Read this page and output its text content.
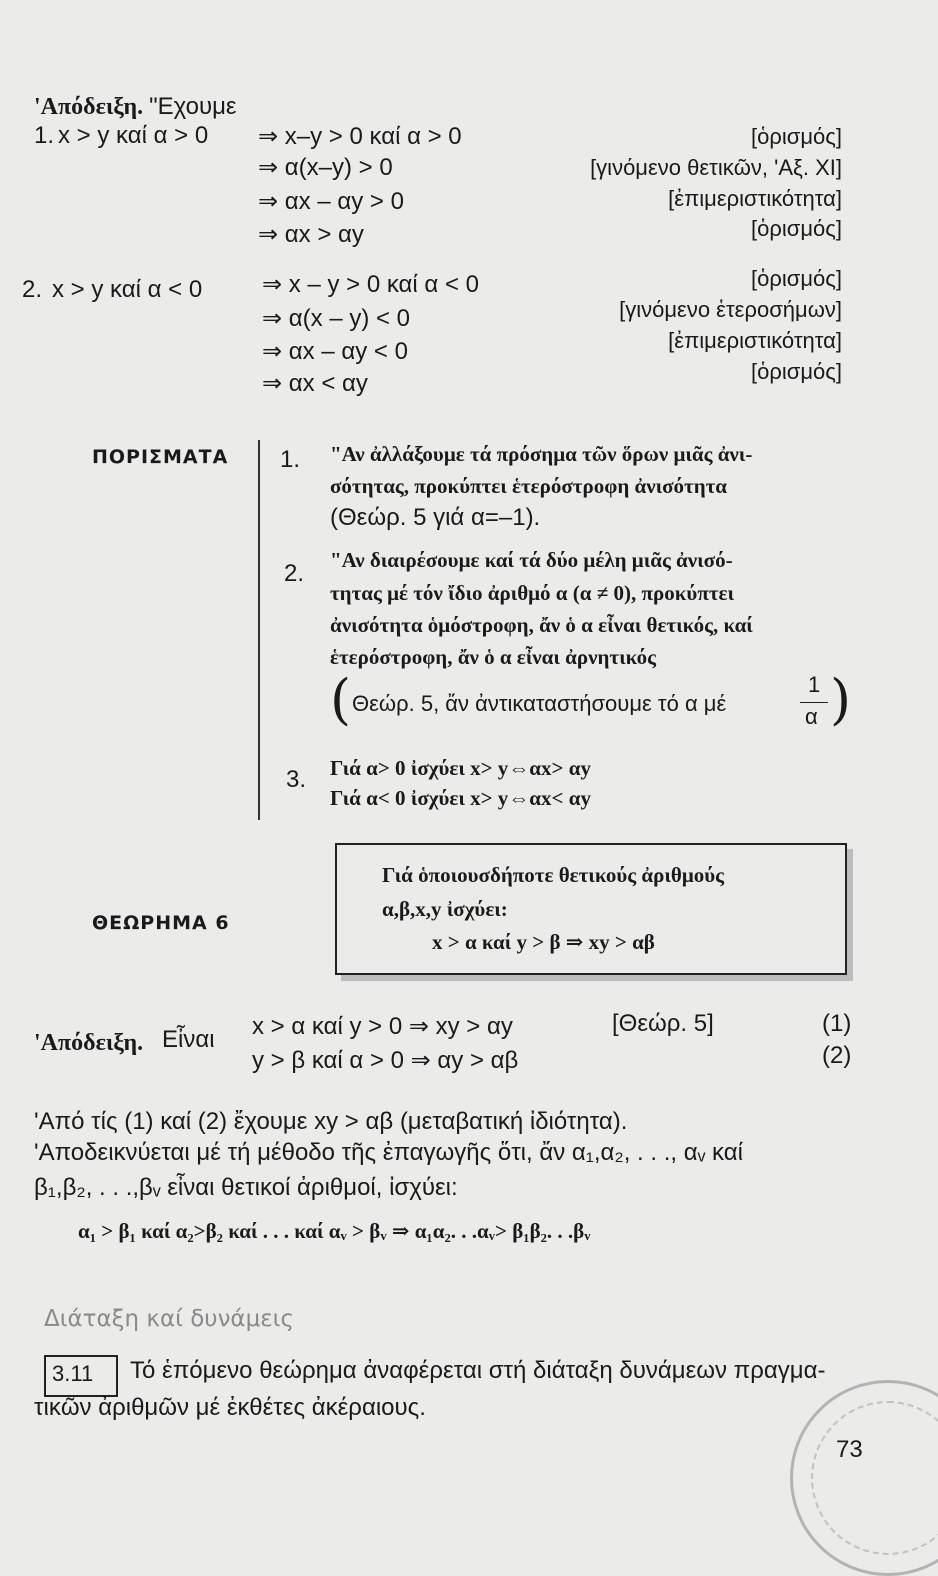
'Απόδειξη. "Εχουμε
1. x > y καί α > 0 ⇒ x–y > 0 καί α > 0	[ὁρισμός]
⇒ α(x–y) > 0	[γινόμενο θετικῶν, 'Αξ. XI]
⇒ αx – αy > 0	[ἐπιμεριστικότητα]
⇒ αx > αy	[ὁρισμός]
2. x > y καί α < 0 ⇒ x – y > 0 καί α < 0	[ὁρισμός]
⇒ α(x – y) < 0	[γινόμενο ἑτεροσήμων]
⇒ αx – αy < 0	[ἐπιμεριστικότητα]
⇒ αx < αy	[ὁρισμός]
ΠΟΡΙΣΜΑΤΑ 1. "Αν ἀλλάξουμε τά πρόσημα τῶν ὅρων μιᾶς ἀνι-
σότητας, προκύπτει ἑτερόστροφη ἀνισότητα
(Θεώρ. 5 γιά α=–1).
2. "Αν διαιρέσουμε καί τά δύο μέλη μιᾶς ἀνισό-
τητας μέ τόν ἴδιο ἀριθμό α (α ≠ 0), προκύπτει
ἀνισότητα ὁμόστροφη, ἄν ὁ α εἶναι θετικός, καί
ἑτερόστροφη, ἄν ὁ α εἶναι ἀρνητικός
( Θεώρ. 5, ἄν ἀντικαταστήσουμε τό α μέ
1
α )
3. Γιά α> 0 ἰσχύει x> y⇔αx> αy
Γιά α< 0 ἰσχύει x> y⇔αx< αy
ΘΕΩΡΗΜΑ 6
Γιά ὁποιουσδήποτε θετικούς ἀριθμούς
α,β,x,y ἰσχύει:
x > α καί y > β ⇒ xy > αβ
'Απόδειξη. Εἶναι x > α καί y > 0 ⇒ xy > αy	[Θεώρ. 5]	(1)
y > β καί α > 0 ⇒ αy > αβ	(2)
'Από τίς (1) καί (2) ἔχουμε xy > αβ (μεταβατική ἰδιότητα).
'Αποδεικνύεται μέ τή μέθοδο τῆς ἐπαγωγῆς ὅτι, ἄν α₁,α₂, . . ., αᵥ καί
β₁,β₂, . . .,βᵥ εἶναι θετικοί ἀριθμοί, ἰσχύει:
α₁ > β₁ καί α₂>β₂ καί . . . καί αᵥ > βᵥ ⇒ α₁α₂. . .αᵥ> β₁β₂. . .βᵥ
Διάταξη καί δυνάμεις
3.11 Τό ἑπόμενο θεώρημα ἀναφέρεται στή διάταξη δυνάμεων πραγμα-
τικῶν ἀριθμῶν μέ ἐκθέτες ἀκέραιους.
73
